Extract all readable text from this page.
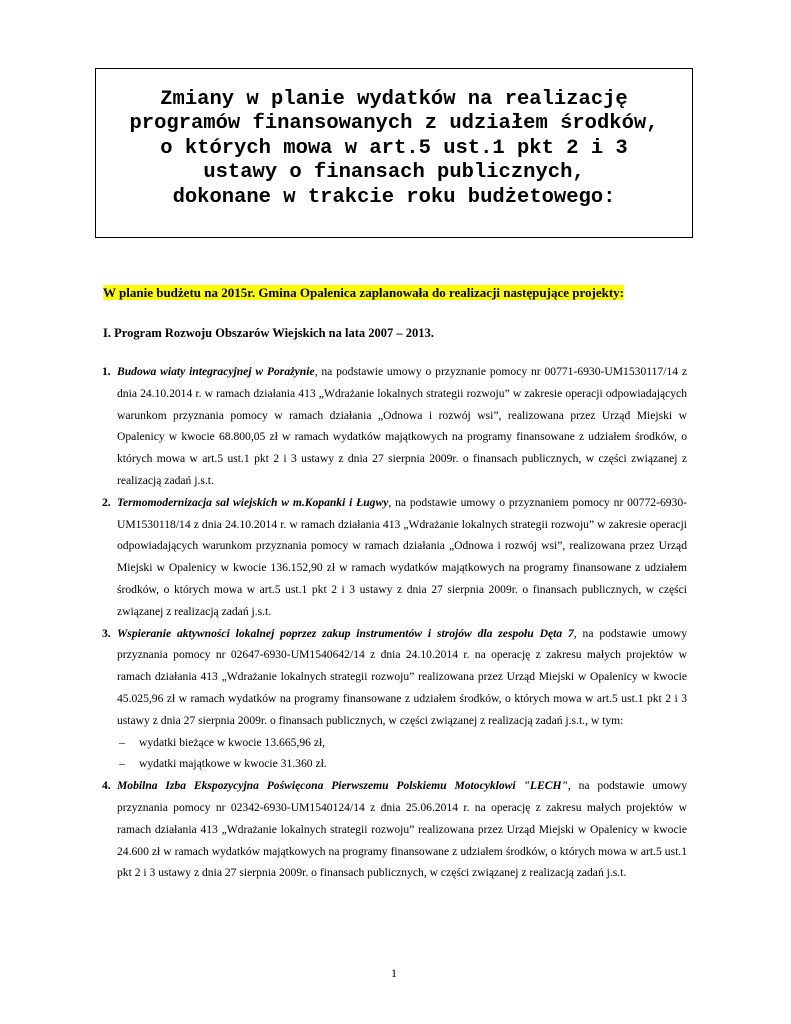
Zmiany w planie wydatków na realizację
programów finansowanych z udziałem środków,
o których mowa w art.5 ust.1 pkt 2 i 3
ustawy o finansach publicznych,
dokonane w trakcie roku budżetowego:
W planie budżetu na 2015r. Gmina Opalenica zaplanowała do realizacji następujące projekty:
I. Program Rozwoju Obszarów Wiejskich na lata 2007 – 2013.
1. Budowa wiaty integracyjnej w Porażynie, na podstawie umowy o przyznanie pomocy nr 00771-6930-UM1530117/14 z dnia 24.10.2014 r. w ramach działania 413 „Wdrażanie lokalnych strategii rozwoju” w zakresie operacji odpowiadających warunkom przyznania pomocy w ramach działania „Odnowa i rozwój wsi”, realizowana przez Urząd Miejski w Opalenicy w kwocie 68.800,05 zł w ramach wydatków majątkowych na programy finansowane z udziałem środków, o których mowa w art.5 ust.1 pkt 2 i 3 ustawy z dnia 27 sierpnia 2009r. o finansach publicznych, w części związanej z realizacją zadań j.s.t.
2. Termomodernizacja sal wiejskich w m.Kopanki i Ługwy, na podstawie umowy o przyznaniem pomocy nr 00772-6930-UM1530118/14 z dnia 24.10.2014 r. w ramach działania 413 „Wdrażanie lokalnych strategii rozwoju” w zakresie operacji odpowiadających warunkom przyznania pomocy w ramach działania „Odnowa i rozwój wsi”, realizowana przez Urząd Miejski w Opalenicy w kwocie 136.152,90 zł w ramach wydatków majątkowych na programy finansowane z udziałem środków, o których mowa w art.5 ust.1 pkt 2 i 3 ustawy z dnia 27 sierpnia 2009r. o finansach publicznych, w części związanej z realizacją zadań j.s.t.
3. Wspieranie aktywności lokalnej poprzez zakup instrumentów i strojów dla zespołu Dęta 7, na podstawie umowy przyznania pomocy nr 02647-6930-UM1540642/14 z dnia 24.10.2014 r. na operację z zakresu małych projektów w ramach działania 413 „Wdrażanie lokalnych strategii rozwoju” realizowana przez Urząd Miejski w Opalenicy w kwocie 45.025,96 zł w ramach wydatków na programy finansowane z udziałem środków, o których mowa w art.5 ust.1 pkt 2 i 3 ustawy z dnia 27 sierpnia 2009r. o finansach publicznych, w części związanej z realizacją zadań j.s.t., w tym:
– wydatki bieżące w kwocie 13.665,96 zł,
– wydatki majątkowe w kwocie 31.360 zł.
4. Mobilna Izba Ekspozycyjna Poświęcona Pierwszemu Polskiemu Motocyklowi "LECH", na podstawie umowy przyznania pomocy nr 02342-6930-UM1540124/14 z dnia 25.06.2014 r. na operację z zakresu małych projektów w ramach działania 413 „Wdrażanie lokalnych strategii rozwoju” realizowana przez Urząd Miejski w Opalenicy w kwocie 24.600 zł w ramach wydatków majątkowych na programy finansowane z udziałem środków, o których mowa w art.5 ust.1 pkt 2 i 3 ustawy z dnia 27 sierpnia 2009r. o finansach publicznych, w części związanej z realizacją zadań j.s.t.
1
